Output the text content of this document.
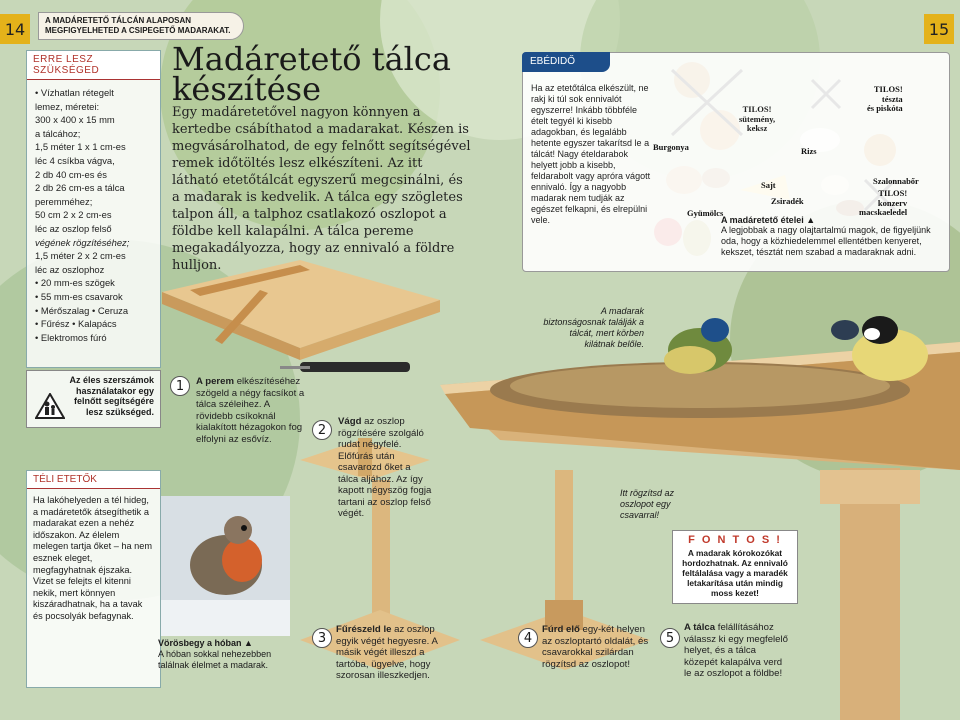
14	15
A MADÁRETETŐ TÁLCÁN ALAPOSAN
MEGFIGYELHETED A CSIPEGETŐ MADARAKAT.
ERRE LESZ SZÜKSÉGED
• Vízhatlan rétegelt
lemez, méretei:
300 x 400 x 15 mm
a tálcához;
1,5 méter 1 x 1 cm-es
léc 4 csíkba vágva,
2 db 40 cm-es és
2 db 26 cm-es a tálca
peremméhez;
50 cm 2 x 2 cm-es
léc az oszlop felső
végének rögzítéséhez;
1,5 méter 2 x 2 cm-es
léc az oszlophoz
• 20 mm-es szögek
• 55 mm-es csavarok
• Mérőszalag • Ceruza
• Fűrész • Kalapács
• Elektromos fúró

Az éles szerszámok

használatakor egy

felnőtt segítségére

lesz szükséged.

TÉLI ETETŐK

Ha lakóhelyeden a tél hideg, a madáretetők átsegíthetik a madarakat ezen a nehéz időszakon. Az élelem melegen tartja őket – ha nem esznek eleget, megfagyhatnak éjszaka. Vizet se felejts el kitenni nekik, mert könnyen kiszáradhatnak, ha a tavak és pocsolyák befagynak.

Madáretető tálca
készítése

Egy madáretetővel nagyon könnyen a kertedbe csábíthatod a madarakat. Készen is megvásárolhatod, de egy felnőtt segítségével remek időtöltés lesz elkészíteni. Az itt látható etetőtálcát egyszerű megcsinálni, és a madarak is kedvelik. A tálca egy szögletes talpon áll, a talphoz csatlakozó oszlopot a földbe kell kalapálni. A tálca pereme megakadályozza, hogy az ennivaló a földre hulljon.

EBÉDIDŐ

Ha az etetőtálca elkészült, ne rakj ki túl sok ennivalót egyszerre! Inkább többféle ételt tegyél ki kisebb adagokban, és legalább hetente egyszer takarítsd le a tálcát! Nagy ételdarabok helyett jobb a kisebb, feldarabolt vagy apróra vágott ennivaló. Így a nagyobb madarak nem tudják az egészet felkapni, és elrepülni vele.

Burgonya
TILOS!
sütemény,
keksz
TILOS!
tészta
és piskóta
Rizs
Sajt	Szalonnabőr
Zsiradék
TILOS!
konzerv
macskaeledel
Gyümölcs
A madáretető ételei ▲

A legjobbak a nagy olajtartalmú magok, de figyeljünk oda, hogy a közhiedelemmel ellentétben kenyeret, kekszet, tésztát nem szabad a madaraknak adni.

A madarak biztonságosnak találják a tálcát, mert körben kilátnak belőle.

Vörösbegy a hóban ▲
A hóban sokkal nehezebben találnak élelmet a madarak.

Itt rögzítsd az oszlopot egy csavarral!

1	A perem elkészítéséhez szögeld a négy facsíkot a tálca széleihez. A rövidebb csíkoknál kialakított hézagokon fog elfolyni az esővíz.
2
Vágd az oszlop rögzítésére szolgáló rudat négyfelé. Előfúrás után csavarozd őket a tálca aljához. Az így kapott négyszög fogja tartani az oszlop felső végét.
3
Fűrészeld le az oszlop egyik végét hegyesre. A másik végét illeszd a tartóba, ügyelve, hogy szorosan illeszkedjen.
4
Fúrd elő egy-két helyen az oszloptartó oldalát, és csavarokkal szilárdan rögzítsd az oszlopot!
5
A tálca felállításához válassz ki egy megfelelő helyet, és a tálca közepét kalapálva verd le az oszlopot a földbe!
F O N T O S !

A madarak kórokozókat hordozhatnak. Az ennivaló feltálalása vagy a maradék letakarítása után mindig moss kezet!
